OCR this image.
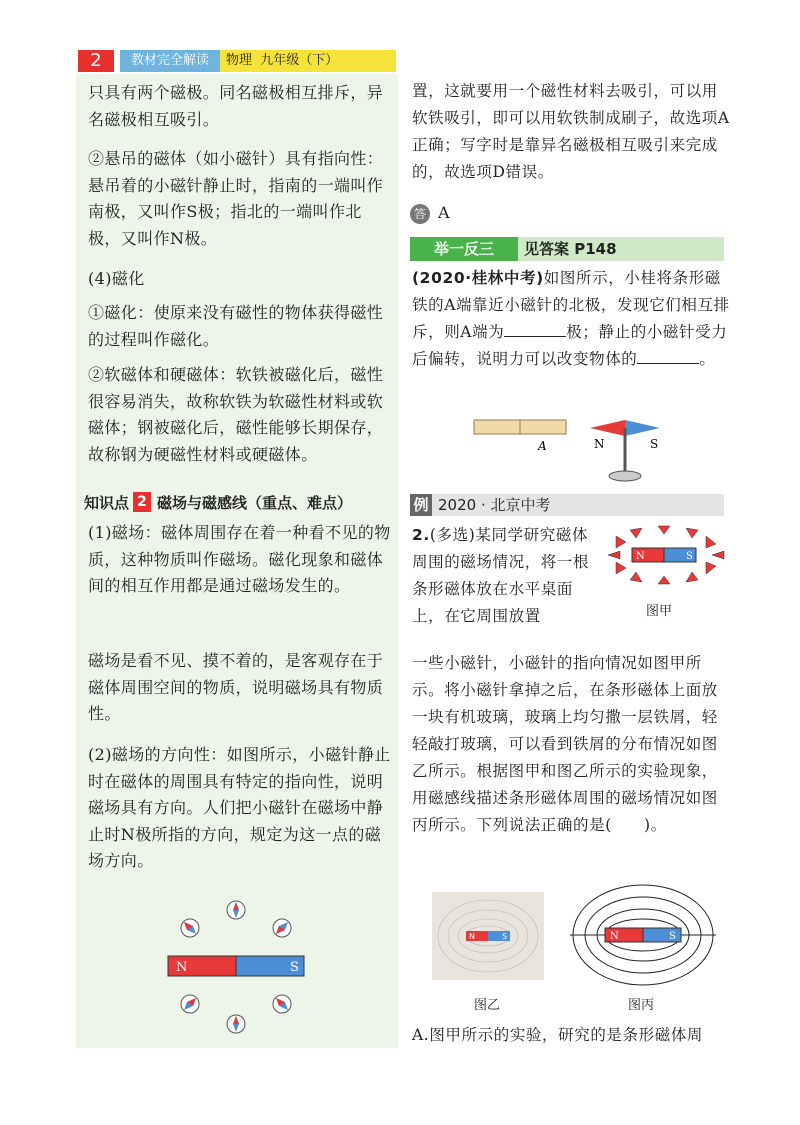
2	教材完全解读	物理 九年级（下）

只具有两个磁极。同名磁极相互排斥，异名磁极相互吸引。

②悬吊的磁体（如小磁针）具有指向性：悬吊着的小磁针静止时，指南的一端叫作南极，又叫作S极；指北的一端叫作北极，又叫作N极。

(4)磁化

①磁化：使原来没有磁性的物体获得磁性的过程叫作磁化。

②软磁体和硬磁体：软铁被磁化后，磁性很容易消失，故称软铁为软磁性材料或软磁体；钢被磁化后，磁性能够长期保存，故称钢为硬磁性材料或硬磁体。

知识点 2 磁场与磁感线（重点、难点）

(1)磁场：磁体周围存在着一种看不见的物质，这种物质叫作磁场。磁化现象和磁体间的相互作用都是通过磁场发生的。

磁场是看不见、摸不着的，是客观存在于磁体周围空间的物质，说明磁场具有物质性。

(2)磁场的方向性：如图所示，小磁针静止时在磁体的周围具有特定的指向性，说明磁场具有方向。人们把小磁针在磁场中静止时N极所指的方向，规定为这一点的磁场方向。

N	S

置，这就要用一个磁性材料去吸引，可以用软铁吸引，即可以用软铁制成刷子，故选项A正确；写字时是靠异名磁极相互吸引来完成的，故选项D错误。

答 A
举一反三	见答案 P148

(2020·桂林中考)如图所示，小桂将条形磁铁的A端靠近小磁针的北极，发现它们相互排斥，则A端为	极；静止的小磁针受力后偏转，说明力可以改变物体的	。

A	N	S
例 2020 · 北京中考

2.(多选)某同学研究磁体周围的磁场情况，将一根条形磁体放在水平桌面上，在它周围放置

N	S
图甲

一些小磁针，小磁针的指向情况如图甲所示。将小磁针拿掉之后，在条形磁体上面放一块有机玻璃，玻璃上均匀撒一层铁屑，轻轻敲打玻璃，可以看到铁屑的分布情况如图乙所示。根据图甲和图乙所示的实验现象，用磁感线描述条形磁体周围的磁场情况如图丙所示。下列说法正确的是(　　)。

N	S
图乙
N	S
图丙

A.图甲所示的实验，研究的是条形磁体周
